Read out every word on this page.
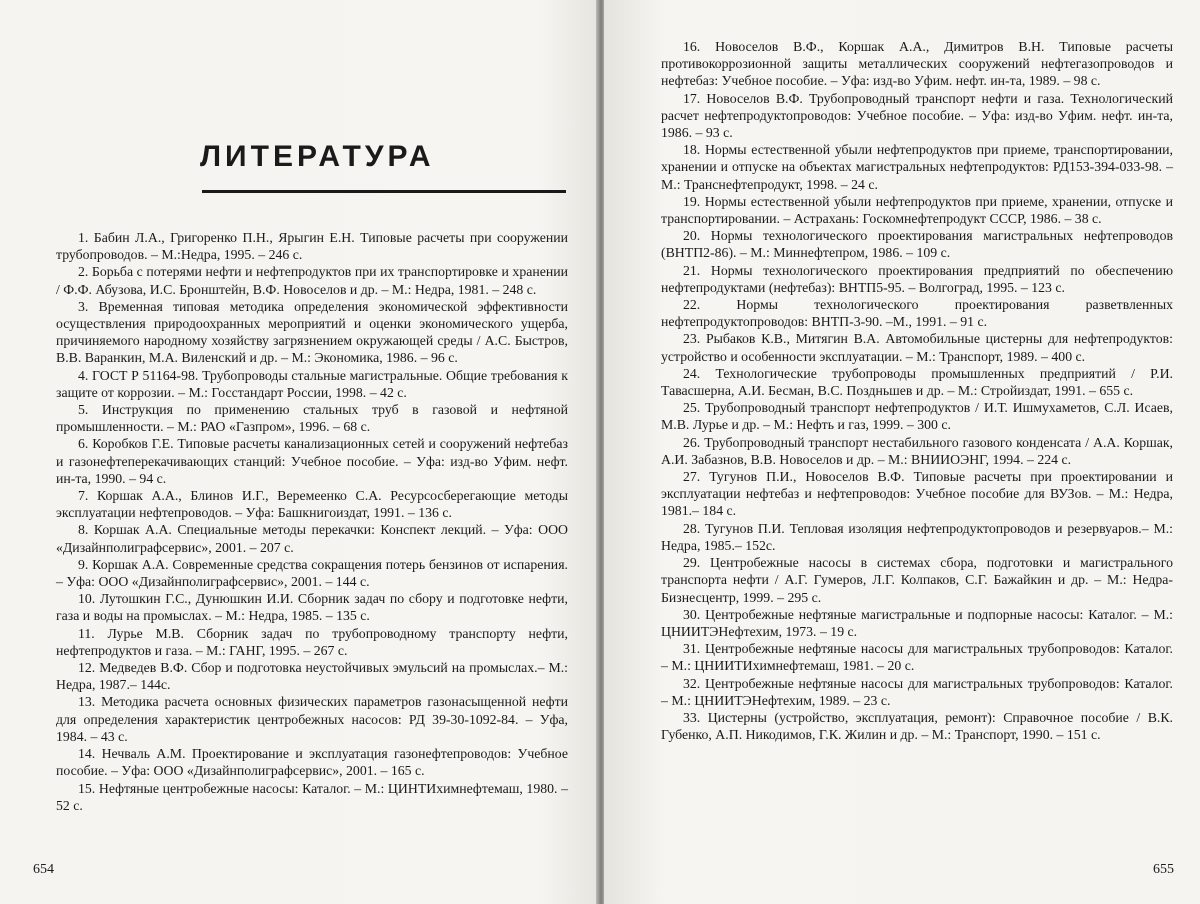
ЛИТЕРАТУРА

1. Бабин Л.А., Григоренко П.Н., Ярыгин Е.Н. Типовые расчеты при сооружении трубопроводов. – М.:Недра, 1995. – 246 с.

2. Борьба с потерями нефти и нефтепродуктов при их транспортировке и хранении / Ф.Ф. Абузова, И.С. Бронштейн, В.Ф. Новоселов и др. – М.: Недра, 1981. – 248 с.

3. Временная типовая методика определения экономической эффективности осуществления природоохранных мероприятий и оценки экономического ущерба, причиняемого народному хозяйству загрязнением окружающей среды / А.С. Быстров, В.В. Варанкин, М.А. Виленский и др. – М.: Экономика, 1986. – 96 с.

4. ГОСТ Р 51164-98. Трубопроводы стальные магистральные. Общие требования к защите от коррозии. – М.: Госстандарт России, 1998. – 42 с.

5. Инструкция по применению стальных труб в газовой и нефтяной промышленности. – М.: РАО «Газпром», 1996. – 68 с.

6. Коробков Г.Е. Типовые расчеты канализационных сетей и сооружений нефтебаз и газонефтеперекачивающих станций: Учебное пособие. – Уфа: изд-во Уфим. нефт. ин-та, 1990. – 94 с.

7. Коршак А.А., Блинов И.Г., Веремеенко С.А. Ресурсосберегающие методы эксплуатации нефтепроводов. – Уфа: Башкнигоиздат, 1991. – 136 с.

8. Коршак А.А. Специальные методы перекачки: Конспект лекций. – Уфа: ООО «Дизайнполиграфсервис», 2001. – 207 с.

9. Коршак А.А. Современные средства сокращения потерь бензинов от испарения. – Уфа: ООО «Дизайнполиграфсервис», 2001. – 144 с.

10. Лутошкин Г.С., Дунюшкин И.И. Сборник задач по сбору и подготовке нефти, газа и воды на промыслах. – М.: Недра, 1985. – 135 с.

11. Лурье М.В. Сборник задач по трубопроводному транспорту нефти, нефтепродуктов и газа. – М.: ГАНГ, 1995. – 267 с.

12. Медведев В.Ф. Сбор и подготовка неустойчивых эмульсий на промыслах.– М.: Недра, 1987.– 144с.

13. Методика расчета основных физических параметров газонасыщенной нефти для определения характеристик центробежных насосов: РД 39-30-1092-84. – Уфа, 1984. – 43 с.

14. Нечваль А.М. Проектирование и эксплуатация газонефтепроводов: Учебное пособие. – Уфа: ООО «Дизайнполиграфсервис», 2001. – 165 с.

15. Нефтяные центробежные насосы: Каталог. – М.: ЦИНТИхимнефтемаш, 1980. – 52 с.

654

16. Новоселов В.Ф., Коршак А.А., Димитров В.Н. Типовые расчеты противокоррозионной защиты металлических сооружений нефтегазопроводов и нефтебаз: Учебное пособие. – Уфа: изд-во Уфим. нефт. ин-та, 1989. – 98 с.

17. Новоселов В.Ф. Трубопроводный транспорт нефти и газа. Технологический расчет нефтепродуктопроводов: Учебное пособие. – Уфа: изд-во Уфим. нефт. ин-та, 1986. – 93 с.

18. Нормы естественной убыли нефтепродуктов при приеме, транспортировании, хранении и отпуске на объектах магистральных нефтепродуктов: РД153-394-033-98. – М.: Транснефтепродукт, 1998. – 24 с.

19. Нормы естественной убыли нефтепродуктов при приеме, хранении, отпуске и транспортировании. – Астрахань: Госкомнефтепродукт СССР, 1986. – 38 с.

20. Нормы технологического проектирования магистральных нефтепроводов (ВНТП2-86). – М.: Миннефтепром, 1986. – 109 с.

21. Нормы технологического проектирования предприятий по обеспечению нефтепродуктами (нефтебаз): ВНТП5-95. – Волгоград, 1995. – 123 с.

22. Нормы технологического проектирования разветвленных нефтепродуктопроводов: ВНТП-3-90. –М., 1991. – 91 с.

23. Рыбаков К.В., Митягин В.А. Автомобильные цистерны для нефтепродуктов: устройство и особенности эксплуатации. – М.: Транспорт, 1989. – 400 с.

24. Технологические трубопроводы промышленных предприятий / Р.И. Тавасшерна, А.И. Бесман, В.С. Поздньшев и др. – М.: Стройиздат, 1991. – 655 с.

25. Трубопроводный транспорт нефтепродуктов / И.Т. Ишмухаметов, С.Л. Исаев, М.В. Лурье и др. – М.: Нефть и газ, 1999. – 300 с.

26. Трубопроводный транспорт нестабильного газового конденсата / А.А. Коршак, А.И. Забазнов, В.В. Новоселов и др. – М.: ВНИИОЭНГ, 1994. – 224 с.

27. Тугунов П.И., Новоселов В.Ф. Типовые расчеты при проектировании и эксплуатации нефтебаз и нефтепроводов: Учебное пособие для ВУЗов. – М.: Недра, 1981.– 184 с.

28. Тугунов П.И. Тепловая изоляция нефтепродуктопроводов и резервуаров.– М.: Недра, 1985.– 152с.

29. Центробежные насосы в системах сбора, подготовки и магистрального транспорта нефти / А.Г. Гумеров, Л.Г. Колпаков, С.Г. Бажайкин и др. – М.: Недра-Бизнесцентр, 1999. – 295 с.

30. Центробежные нефтяные магистральные и подпорные насосы: Каталог. – М.: ЦНИИТЭНефтехим, 1973. – 19 с.

31. Центробежные нефтяные насосы для магистральных трубопроводов: Каталог. – М.: ЦНИИТИхимнефтемаш, 1981. – 20 с.

32. Центробежные нефтяные насосы для магистральных трубопроводов: Каталог. – М.: ЦНИИТЭНефтехим, 1989. – 23 с.

33. Цистерны (устройство, эксплуатация, ремонт): Справочное пособие / В.К. Губенко, А.П. Никодимов, Г.К. Жилин и др. – М.: Транспорт, 1990. – 151 с.

655
